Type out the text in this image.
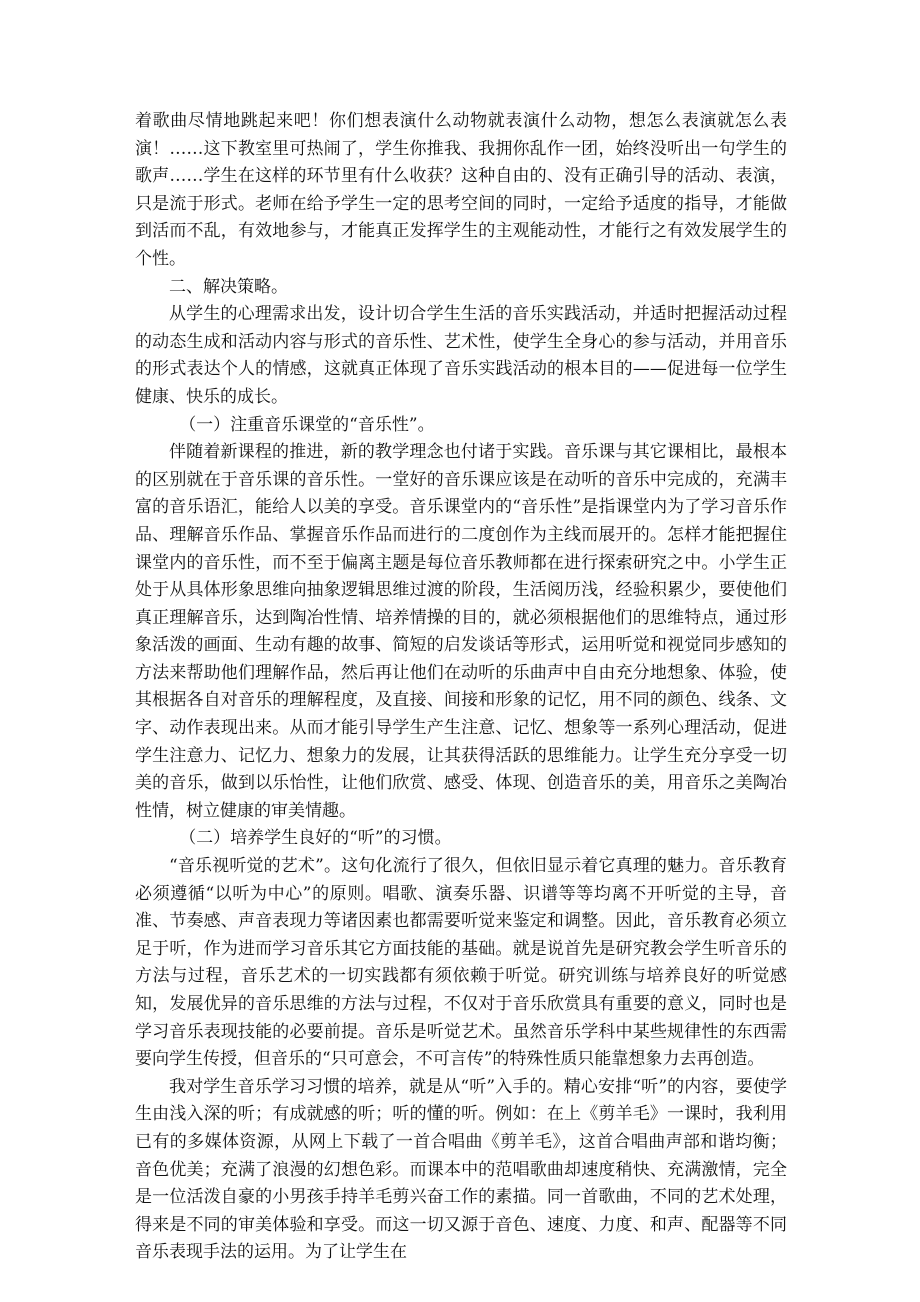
着歌曲尽情地跳起来吧！你们想表演什么动物就表演什么动物，想怎么表演就怎么表演！……这下教室里可热闹了，学生你推我、我拥你乱作一团，始终没听出一句学生的歌声……学生在这样的环节里有什么收获？这种自由的、没有正确引导的活动、表演，只是流于形式。老师在给予学生一定的思考空间的同时，一定给予适度的指导，才能做到活而不乱，有效地参与，才能真正发挥学生的主观能动性，才能行之有效发展学生的个性。

二、解决策略。

从学生的心理需求出发，设计切合学生生活的音乐实践活动，并适时把握活动过程的动态生成和活动内容与形式的音乐性、艺术性，使学生全身心的参与活动，并用音乐的形式表达个人的情感，这就真正体现了音乐实践活动的根本目的——促进每一位学生健康、快乐的成长。

（一）注重音乐课堂的“音乐性”。

伴随着新课程的推进，新的教学理念也付诸于实践。音乐课与其它课相比，最根本的区别就在于音乐课的音乐性。一堂好的音乐课应该是在动听的音乐中完成的，充满丰富的音乐语汇，能给人以美的享受。音乐课堂内的“音乐性”是指课堂内为了学习音乐作品、理解音乐作品、掌握音乐作品而进行的二度创作为主线而展开的。怎样才能把握住课堂内的音乐性，而不至于偏离主题是每位音乐教师都在进行探索研究之中。小学生正处于从具体形象思维向抽象逻辑思维过渡的阶段，生活阅历浅，经验积累少，要使他们真正理解音乐，达到陶冶性情、培养情操的目的，就必须根据他们的思维特点，通过形象活泼的画面、生动有趣的故事、简短的启发谈话等形式，运用听觉和视觉同步感知的方法来帮助他们理解作品，然后再让他们在动听的乐曲声中自由充分地想象、体验，使其根据各自对音乐的理解程度，及直接、间接和形象的记忆，用不同的颜色、线条、文字、动作表现出来。从而才能引导学生产生注意、记忆、想象等一系列心理活动，促进学生注意力、记忆力、想象力的发展，让其获得活跃的思维能力。让学生充分享受一切美的音乐，做到以乐怡性，让他们欣赏、感受、体现、创造音乐的美，用音乐之美陶冶性情，树立健康的审美情趣。

（二）培养学生良好的“听”的习惯。

“音乐视听觉的艺术”。这句化流行了很久，但依旧显示着它真理的魅力。音乐教育必须遵循“以听为中心”的原则。唱歌、演奏乐器、识谱等等均离不开听觉的主导，音准、节奏感、声音表现力等诸因素也都需要听觉来鉴定和调整。因此，音乐教育必须立足于听，作为进而学习音乐其它方面技能的基础。就是说首先是研究教会学生听音乐的方法与过程，音乐艺术的一切实践都有须依赖于听觉。研究训练与培养良好的听觉感知，发展优异的音乐思维的方法与过程，不仅对于音乐欣赏具有重要的意义，同时也是学习音乐表现技能的必要前提。音乐是听觉艺术。虽然音乐学科中某些规律性的东西需要向学生传授，但音乐的“只可意会，不可言传”的特殊性质只能靠想象力去再创造。

我对学生音乐学习习惯的培养，就是从“听”入手的。精心安排“听”的内容，要使学生由浅入深的听；有成就感的听；听的懂的听。例如：在上《剪羊毛》一课时，我利用已有的多媒体资源，从网上下载了一首合唱曲《剪羊毛》，这首合唱曲声部和谐均衡；音色优美；充满了浪漫的幻想色彩。而课本中的范唱歌曲却速度稍快、充满激情，完全是一位活泼自豪的小男孩手持羊毛剪兴奋工作的素描。同一首歌曲，不同的艺术处理，得来是不同的审美体验和享受。而这一切又源于音色、速度、力度、和声、配器等不同音乐表现手法的运用。为了让学生在
